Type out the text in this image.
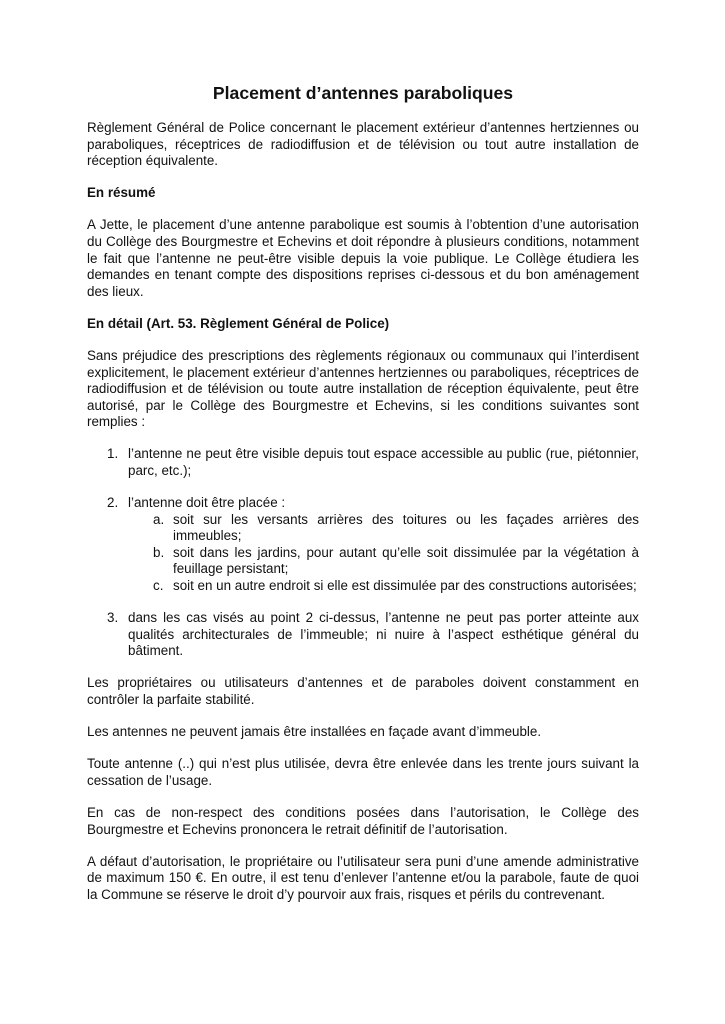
Placement d’antennes paraboliques

Règlement Général de Police concernant le placement extérieur d’antennes hertziennes ou paraboliques, réceptrices de radiodiffusion et de télévision ou tout autre installation de réception équivalente.

En résumé

A Jette, le placement d’une antenne parabolique est soumis à l’obtention d’une autorisation du Collège des Bourgmestre et Echevins et doit répondre à plusieurs conditions, notamment le fait que l’antenne ne peut-être visible depuis la voie publique. Le Collège étudiera les demandes en tenant compte des dispositions reprises ci-dessous et du bon aménagement des lieux.

En détail (Art. 53. Règlement Général de Police)

Sans préjudice des prescriptions des règlements régionaux ou communaux qui l’interdisent explicitement, le placement extérieur d’antennes hertziennes ou paraboliques, réceptrices de radiodiffusion et de télévision ou toute autre installation de réception équivalente, peut être autorisé, par le Collège des Bourgmestre et Echevins, si les conditions suivantes sont remplies :

1. l’antenne ne peut être visible depuis tout espace accessible au public (rue, piétonnier, parc, etc.);
2. l’antenne doit être placée :
a. soit sur les versants arrières des toitures ou les façades arrières des immeubles;
b. soit dans les jardins, pour autant qu’elle soit dissimulée par la végétation à feuillage persistant;
c. soit en un autre endroit si elle est dissimulée par des constructions autorisées;
3. dans les cas visés au point 2 ci-dessus, l’antenne ne peut pas porter atteinte aux qualités architecturales de l’immeuble; ni nuire à l’aspect esthétique général du bâtiment.

Les propriétaires ou utilisateurs d’antennes et de paraboles doivent constamment en contrôler la parfaite stabilité.

Les antennes ne peuvent jamais être installées en façade avant d’immeuble.

Toute antenne (..) qui n’est plus utilisée, devra être enlevée dans les trente jours suivant la cessation de l’usage.

En cas de non-respect des conditions posées dans l’autorisation, le Collège des Bourgmestre et Echevins prononcera le retrait définitif de l’autorisation.

A défaut d’autorisation, le propriétaire ou l’utilisateur sera puni d’une amende administrative de maximum 150 €. En outre, il est tenu d’enlever l’antenne et/ou la parabole, faute de quoi la Commune se réserve le droit d’y pourvoir aux frais, risques et périls du contrevenant.
